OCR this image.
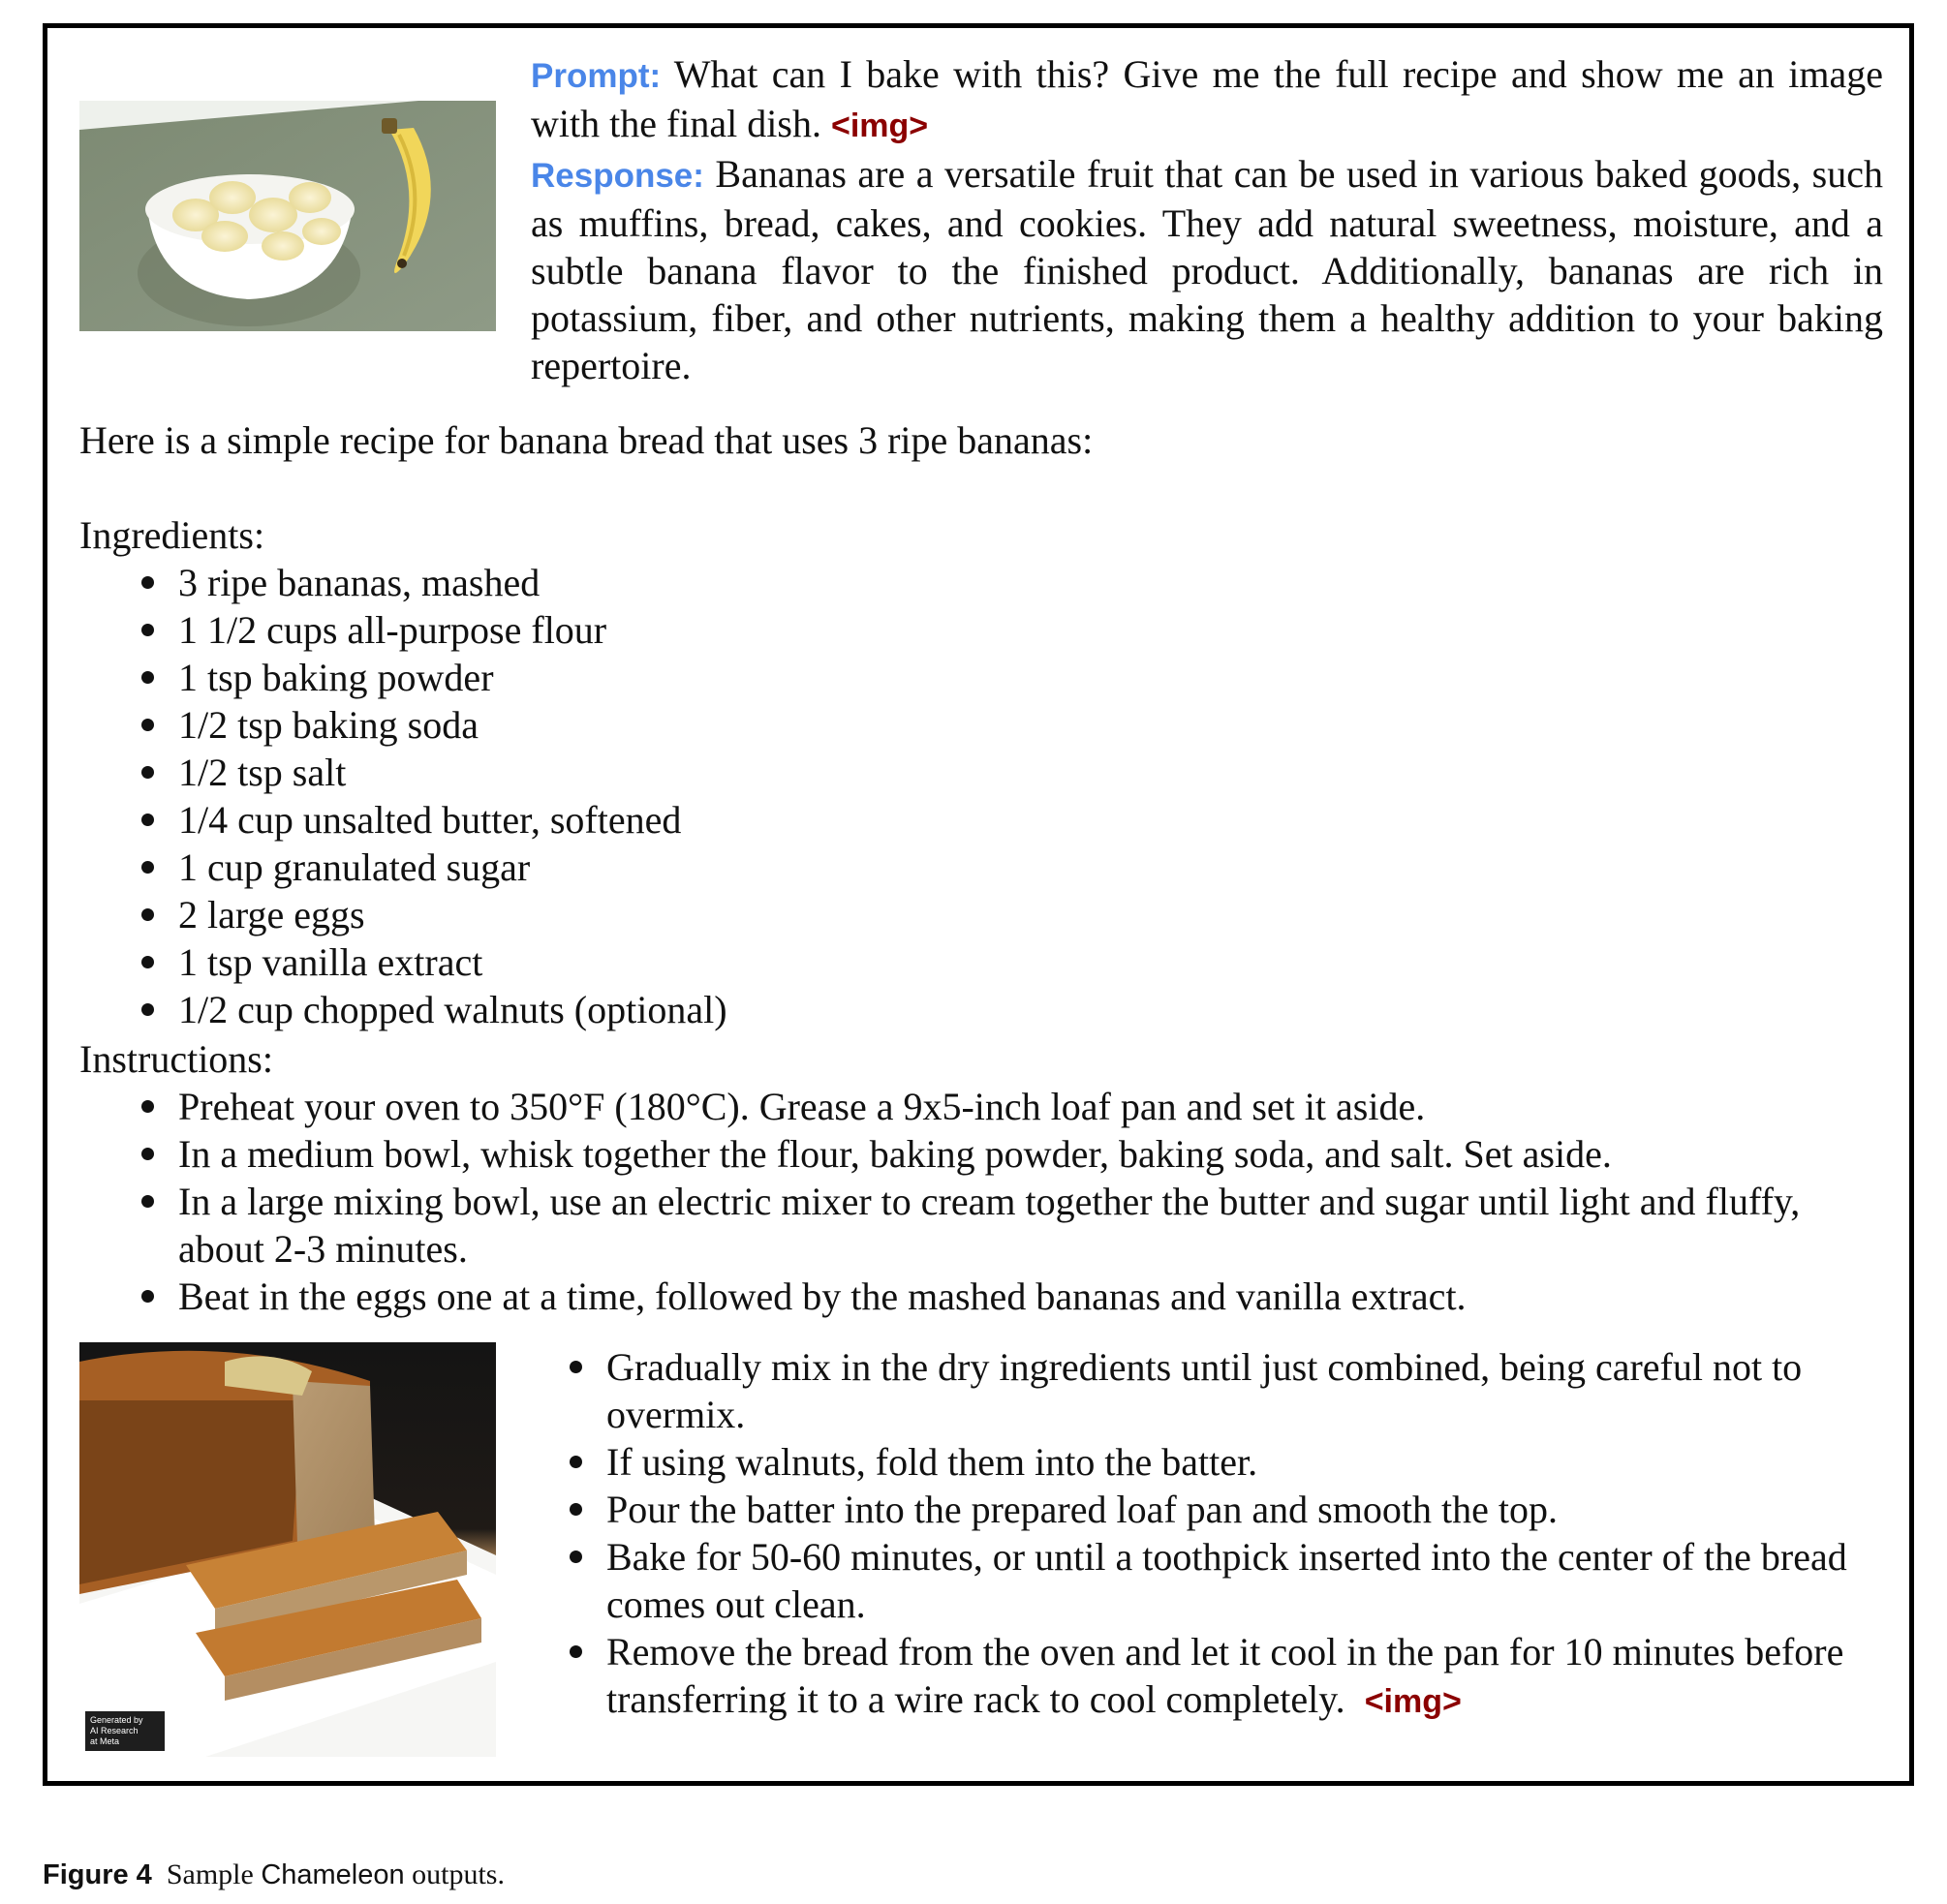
Prompt: What can I bake with this? Give me the full recipe and show me an image with the final dish. <img>
Response: Bananas are a versatile fruit that can be used in various baked goods, such as muffins, bread, cakes, and cookies. They add natural sweetness, moisture, and a subtle banana flavor to the finished product. Additionally, bananas are rich in potassium, fiber, and other nutrients, making them a healthy addition to your baking repertoire.
Here is a simple recipe for banana bread that uses 3 ripe bananas:
Ingredients:
3 ripe bananas, mashed
1 1/2 cups all-purpose flour
1 tsp baking powder
1/2 tsp baking soda
1/2 tsp salt
1/4 cup unsalted butter, softened
1 cup granulated sugar
2 large eggs
1 tsp vanilla extract
1/2 cup chopped walnuts (optional)
Instructions:
Preheat your oven to 350°F (180°C). Grease a 9x5-inch loaf pan and set it aside.
In a medium bowl, whisk together the flour, baking powder, baking soda, and salt. Set aside.
In a large mixing bowl, use an electric mixer to cream together the butter and sugar until light and fluffy, about 2-3 minutes.
Beat in the eggs one at a time, followed by the mashed bananas and vanilla extract.
Generated by
AI Research
at Meta
Gradually mix in the dry ingredients until just combined, being careful not to overmix.
If using walnuts, fold them into the batter.
Pour the batter into the prepared loaf pan and smooth the top.
Bake for 50-60 minutes, or until a toothpick inserted into the center of the bread comes out clean.
Remove the bread from the oven and let it cool in the pan for 10 minutes before transferring it to a wire rack to cool completely. <img>
Figure 4 Sample Chameleon outputs.
